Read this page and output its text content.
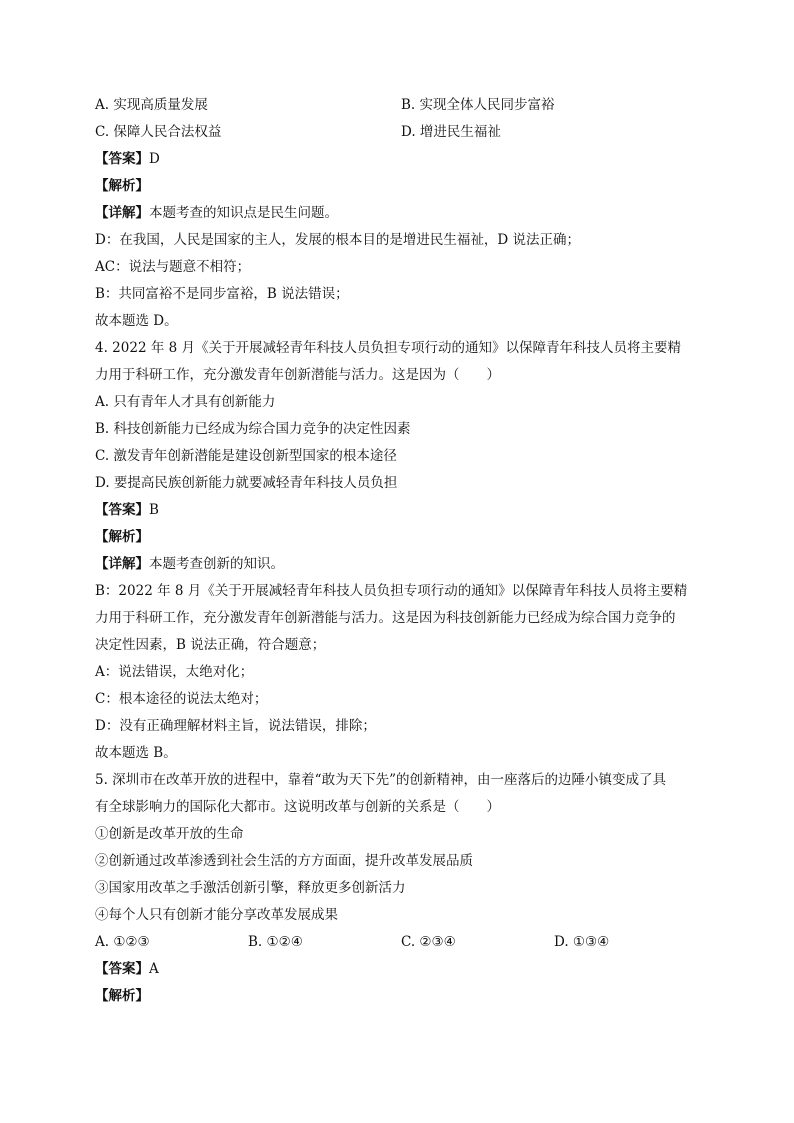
A. 实现高质量发展	B. 实现全体人民同步富裕
C. 保障人民合法权益	D. 增进民生福祉
【答案】D
【解析】
【详解】本题考查的知识点是民生问题。
D：在我国，人民是国家的主人，发展的根本目的是增进民生福祉，D 说法正确；
AC：说法与题意不相符；
B：共同富裕不是同步富裕，B 说法错误；
故本题选 D。
4. 2022 年 8 月《关于开展减轻青年科技人员负担专项行动的通知》以保障青年科技人员将主要精
力用于科研工作，充分激发青年创新潜能与活力。这是因为（　　）
A. 只有青年人才具有创新能力
B. 科技创新能力已经成为综合国力竞争的决定性因素
C. 激发青年创新潜能是建设创新型国家的根本途径
D. 要提高民族创新能力就要减轻青年科技人员负担
【答案】B
【解析】
【详解】本题考查创新的知识。
B：2022 年 8 月《关于开展减轻青年科技人员负担专项行动的通知》以保障青年科技人员将主要精
力用于科研工作，充分激发青年创新潜能与活力。这是因为科技创新能力已经成为综合国力竞争的
决定性因素，B 说法正确，符合题意；
A：说法错误，太绝对化；
C：根本途径的说法太绝对；
D：没有正确理解材料主旨，说法错误，排除；
故本题选 B。
5. 深圳市在改革开放的进程中，靠着“敢为天下先”的创新精神，由一座落后的边陲小镇变成了具
有全球影响力的国际化大都市。这说明改革与创新的关系是（　　）
①创新是改革开放的生命
②创新通过改革渗透到社会生活的方方面面，提升改革发展品质
③国家用改革之手激活创新引擎，释放更多创新活力
④每个人只有创新才能分享改革发展成果
A. ①②③	B. ①②④	C. ②③④	D. ①③④
【答案】A
【解析】
